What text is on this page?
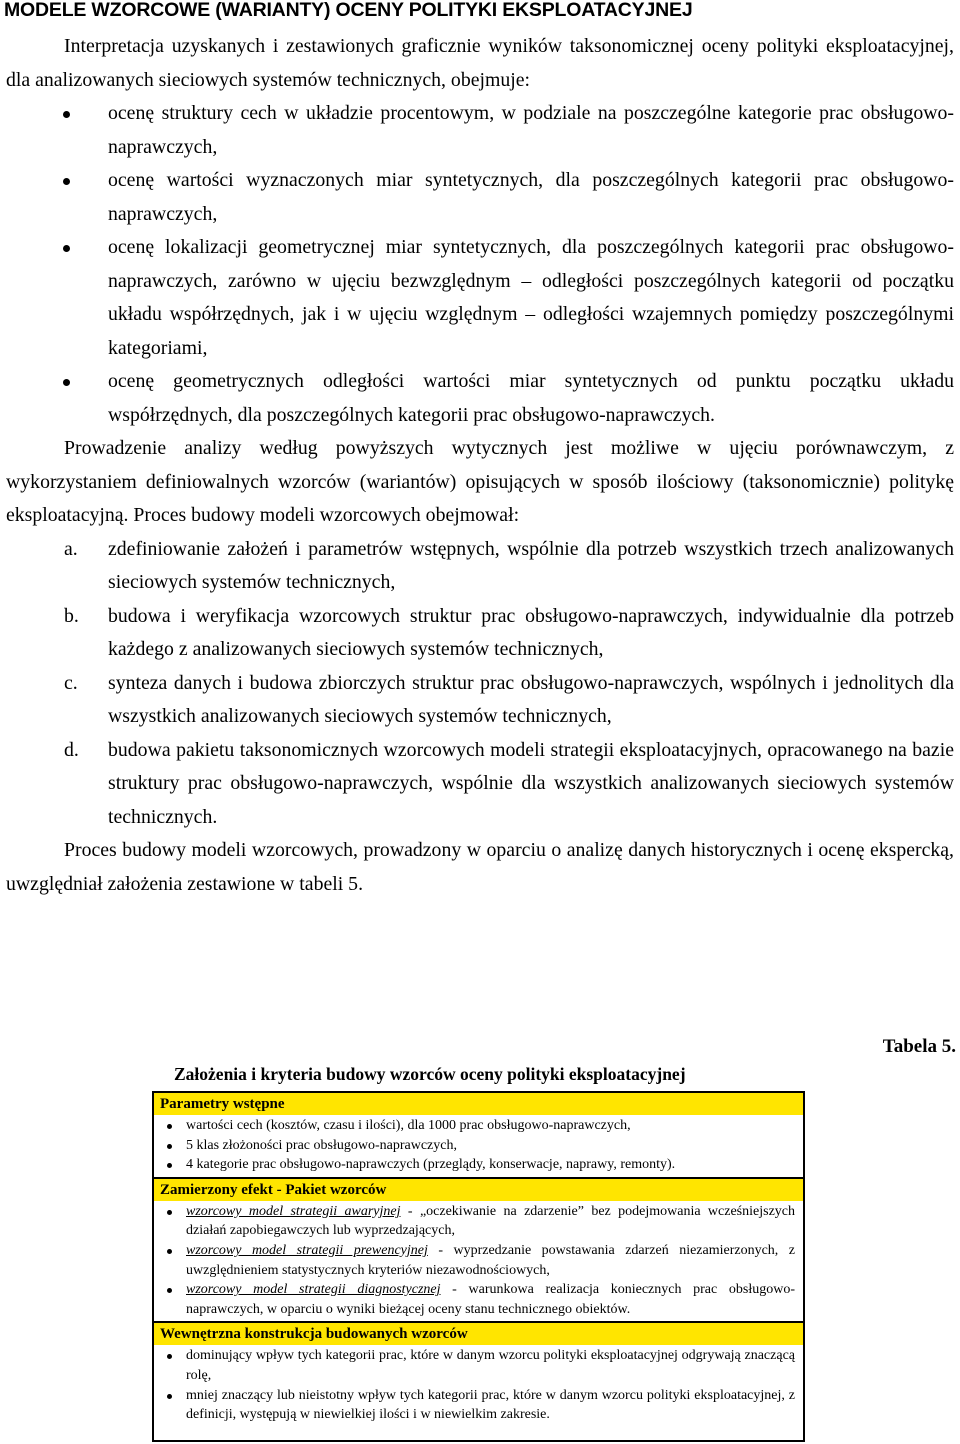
MODELE WZORCOWE (WARIANTY) OCENY POLITYKI EKSPLOATACYJNEJ

Interpretacja uzyskanych i zestawionych graficznie wyników taksonomicznej oceny polityki eksploatacyjnej, dla analizowanych sieciowych systemów technicznych, obejmuje:

ocenę struktury cech w układzie procentowym, w podziale na poszczególne kategorie prac obsługowo-naprawczych,
ocenę wartości wyznaczonych miar syntetycznych, dla poszczególnych kategorii prac obsługowo-naprawczych,
ocenę lokalizacji geometrycznej miar syntetycznych, dla poszczególnych kategorii prac obsługowo-naprawczych, zarówno w ujęciu bezwzględnym – odległości poszczególnych kategorii od początku układu współrzędnych, jak i w ujęciu względnym – odległości wzajemnych pomiędzy poszczególnymi kategoriami,
ocenę geometrycznych odległości wartości miar syntetycznych od punktu początku układu współrzędnych, dla poszczególnych kategorii prac obsługowo-naprawczych.

Prowadzenie analizy według powyższych wytycznych jest możliwe w ujęciu porównawczym, z wykorzystaniem definiowalnych wzorców (wariantów) opisujących w sposób ilościowy (taksonomicznie) politykę eksploatacyjną. Proces budowy modeli wzorcowych obejmował:

a. zdefiniowanie założeń i parametrów wstępnych, wspólnie dla potrzeb wszystkich trzech analizowanych sieciowych systemów technicznych,
b. budowa i weryfikacja wzorcowych struktur prac obsługowo-naprawczych, indywidualnie dla potrzeb każdego z analizowanych sieciowych systemów technicznych,
c. synteza danych i budowa zbiorczych struktur prac obsługowo-naprawczych, wspólnych i jednolitych dla wszystkich analizowanych sieciowych systemów technicznych,
d. budowa pakietu taksonomicznych wzorcowych modeli strategii eksploatacyjnych, opracowanego na bazie struktury prac obsługowo-naprawczych, wspólnie dla wszystkich analizowanych sieciowych systemów technicznych.

Proces budowy modeli wzorcowych, prowadzony w oparciu o analizę danych historycznych i ocenę ekspercką, uwzględniał założenia zestawione w tabeli 5.

Tabela 5.
Założenia i kryteria budowy wzorców oceny polityki eksploatacyjnej
Parametry wstępne
wartości cech (kosztów, czasu i ilości), dla 1000 prac obsługowo-naprawczych,
5 klas złożoności prac obsługowo-naprawczych,
4 kategorie prac obsługowo-naprawczych (przeglądy, konserwacje, naprawy, remonty).
Zamierzony efekt - Pakiet wzorców
wzorcowy model strategii awaryjnej - „oczekiwanie na zdarzenie” bez podejmowania wcześniejszych działań zapobiegawczych lub wyprzedzających,
wzorcowy model strategii prewencyjnej - wyprzedzanie powstawania zdarzeń niezamierzonych, z uwzględnieniem statystycznych kryteriów niezawodnościowych,
wzorcowy model strategii diagnostycznej - warunkowa realizacja koniecznych prac obsługowo-naprawczych, w oparciu o wyniki bieżącej oceny stanu technicznego obiektów.
Wewnętrzna konstrukcja budowanych wzorców
dominujący wpływ tych kategorii prac, które w danym wzorcu polityki eksploatacyjnej odgrywają znaczącą rolę,
mniej znaczący lub nieistotny wpływ tych kategorii prac, które w danym wzorcu polityki eksploatacyjnej, z definicji, występują w niewielkiej ilości i w niewielkim zakresie.
